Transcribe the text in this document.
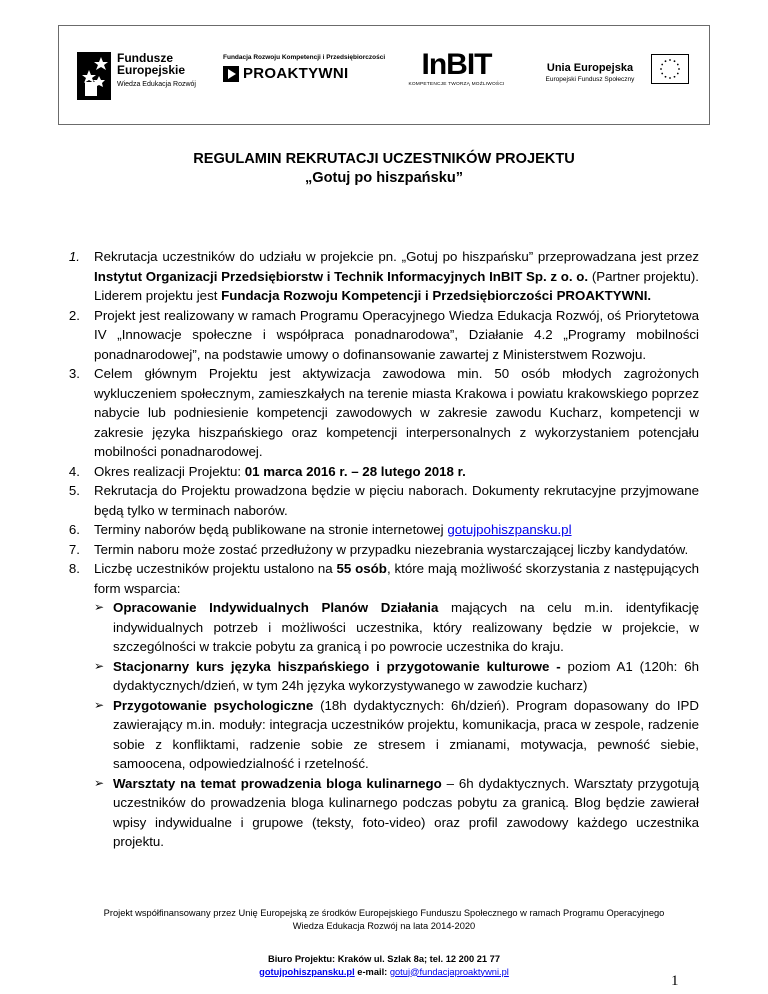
Fundusze
Europejskie
Wiedza Edukacja Rozwój
Fundacja Rozwoju Kompetencji i Przedsiębiorczości
PROAKTYWNI	InBIT
KOMPETENCJE TWORZĄ MOŻLIWOŚCI
Unia Europejska
Europejski Fundusz Społeczny
REGULAMIN REKRUTACJI UCZESTNIKÓW PROJEKTU
„Gotuj po hiszpańsku”
1. Rekrutacja uczestników do udziału w projekcie pn. „Gotuj po hiszpańsku” przeprowadzana jest przez Instytut Organizacji Przedsiębiorstw i Technik Informacyjnych InBIT Sp. z o. o. (Partner projektu). Liderem projektu jest Fundacja Rozwoju Kompetencji i Przedsiębiorczości PROAKTYWNI.
2. Projekt jest realizowany w ramach Programu Operacyjnego Wiedza Edukacja Rozwój, oś Priorytetowa IV „Innowacje społeczne i współpraca ponadnarodowa”, Działanie 4.2 „Programy mobilności ponadnarodowej”, na podstawie umowy o dofinansowanie zawartej z Ministerstwem Rozwoju.
3. Celem głównym Projektu jest aktywizacja zawodowa min. 50 osób młodych zagrożonych wykluczeniem społecznym, zamieszkałych na terenie miasta Krakowa i powiatu krakowskiego poprzez nabycie lub podniesienie kompetencji zawodowych w zakresie zawodu Kucharz, kompetencji w zakresie języka hiszpańskiego oraz kompetencji interpersonalnych z wykorzystaniem potencjału mobilności ponadnarodowej.
4. Okres realizacji Projektu: 01 marca 2016 r. – 28 lutego 2018 r.
5. Rekrutacja do Projektu prowadzona będzie w pięciu naborach. Dokumenty rekrutacyjne przyjmowane będą tylko w terminach naborów.
6. Terminy naborów będą publikowane na stronie internetowej gotujpohiszpansku.pl
7. Termin naboru może zostać przedłużony w przypadku niezebrania wystarczającej liczby kandydatów.
8. Liczbę uczestników projektu ustalono na 55 osób, które mają możliwość skorzystania z następujących form wsparcia:
➢ Opracowanie Indywidualnych Planów Działania mających na celu m.in. identyfikację indywidualnych potrzeb i możliwości uczestnika, który realizowany będzie w projekcie, w szczególności w trakcie pobytu za granicą i po powrocie uczestnika do kraju.
➢ Stacjonarny kurs języka hiszpańskiego i przygotowanie kulturowe - poziom A1 (120h: 6h dydaktycznych/dzień, w tym 24h języka wykorzystywanego w zawodzie kucharz)
➢ Przygotowanie psychologiczne (18h dydaktycznych: 6h/dzień). Program dopasowany do IPD zawierający m.in. moduły: integracja uczestników projektu, komunikacja, praca w zespole, radzenie sobie z konfliktami, radzenie sobie ze stresem i zmianami, motywacja, pewność siebie, samoocena, odpowiedzialność i rzetelność.
➢ Warsztaty na temat prowadzenia bloga kulinarnego – 6h dydaktycznych. Warsztaty przygotują uczestników do prowadzenia bloga kulinarnego podczas pobytu za granicą. Blog będzie zawierał wpisy indywidualne i grupowe (teksty, foto-video) oraz profil zawodowy każdego uczestnika projektu.
Projekt współfinansowany przez Unię Europejską ze środków Europejskiego Funduszu Społecznego w ramach Programu Operacyjnego
Wiedza Edukacja Rozwój na lata 2014-2020
Biuro Projektu: Kraków ul. Szlak 8a; tel. 12 200 21 77
gotujpohiszpansku.pl e-mail: gotuj@fundacjaproaktywni.pl
1
